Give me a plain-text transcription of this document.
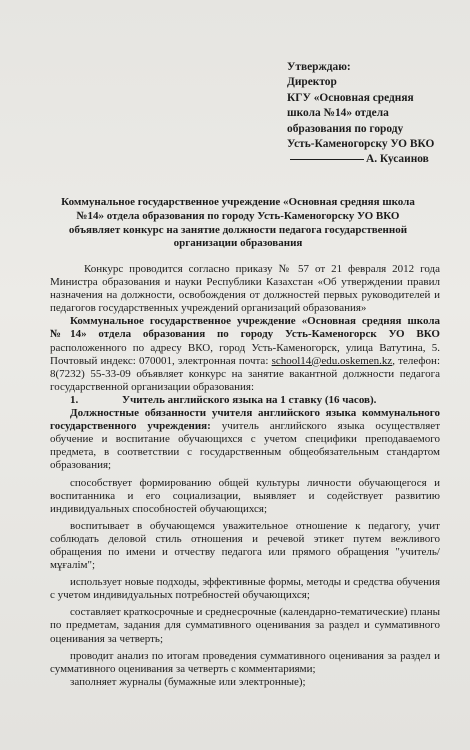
Утверждаю:
Директор
КГУ «Основная средняя
школа №14» отдела
образования по городу
Усть-Каменогорску УО ВКО
А. Кусаинов
Коммунальное государственное учреждение «Основная средняя школа №14» отдела образования по городу Усть-Каменогорску УО ВКО объявляет конкурс на занятие должности педагога государственной организации образования

Конкурс проводится согласно приказу № 57 от 21 февраля 2012 года Министра образования и науки Республики Казахстан «Об утверждении правил назначения на должности, освобождения от должностей первых руководителей и педагогов государственных учреждений организаций образования»

Коммунальное государственное учреждение «Основная средняя школа №14» отдела образования по городу Усть-Каменогорск УО ВКО расположенного по адресу ВКО, город Усть-Каменогорск, улица Ватутина, 5. Почтовый индекс: 070001, электронная почта: school14@edu.oskemen.kz, телефон: 8(7232) 55-33-09 объявляет конкурс на занятие вакантной должности педагога государственной организации образования:

1.	Учитель английского языка на 1 ставку (16 часов).

Должностные обязанности учителя английского языка коммунального государственного учреждения: учитель английского языка осуществляет обучение и воспитание обучающихся с учетом специфики преподаваемого предмета, в соответствии с государственным общеобязательным стандартом образования;

способствует формированию общей культуры личности обучающегося и воспитанника и его социализации, выявляет и содействует развитию индивидуальных способностей обучающихся;

воспитывает в обучающемся уважительное отношение к педагогу, учит соблюдать деловой стиль отношения и речевой этикет путем вежливого обращения по имени и отчеству педагога или прямого обращения "учитель/мұғалім";

использует новые подходы, эффективные формы, методы и средства обучения с учетом индивидуальных потребностей обучающихся;

составляет краткосрочные и среднесрочные (календарно-тематические) планы по предметам, задания для суммативного оценивания за раздел и суммативного оценивания за четверть;

проводит анализ по итогам проведения суммативного оценивания за раздел и суммативного оценивания за четверть с комментариями;

заполняет журналы (бумажные или электронные);
